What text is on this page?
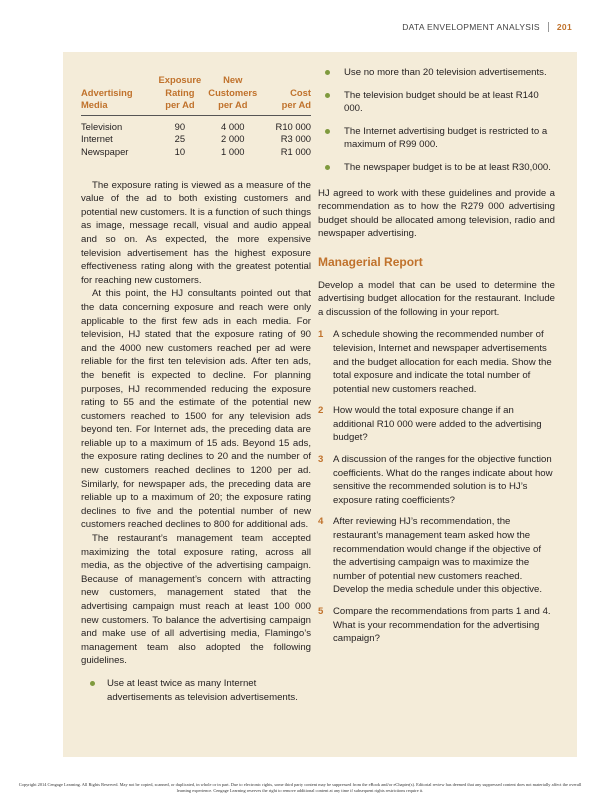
DATA ENVELOPMENT ANALYSIS 201
	Exposure	New	
Advertising	Rating	Customers	Cost
Media	per Ad	per Ad	per Ad
Television	90	4 000	R10 000
Internet	25	2 000	R3 000
Newspaper	10	1 000	R1 000

The exposure rating is viewed as a measure of the value of the ad to both existing customers and potential new customers. It is a function of such things as image, message recall, visual and audio appeal and so on. As expected, the more expensive television advertisement has the highest exposure effectiveness rating along with the greatest potential for reaching new customers.

At this point, the HJ consultants pointed out that the data concerning exposure and reach were only applicable to the first few ads in each media. For television, HJ stated that the exposure rating of 90 and the 4000 new customers reached per ad were reliable for the first ten television ads. After ten ads, the benefit is expected to decline. For planning purposes, HJ recommended reducing the exposure rating to 55 and the estimate of the potential new customers reached to 1500 for any television ads beyond ten. For Internet ads, the preceding data are reliable up to a maximum of 15 ads. Beyond 15 ads, the exposure rating declines to 20 and the number of new customers reached declines to 1200 per ad. Similarly, for newspaper ads, the preceding data are reliable up to a maximum of 20; the exposure rating declines to five and the potential number of new customers reached declines to 800 for additional ads.

The restaurant’s management team accepted maximizing the total exposure rating, across all media, as the objective of the advertising campaign. Because of management’s concern with attracting new customers, management stated that the advertising campaign must reach at least 100 000 new customers. To balance the advertising campaign and make use of all advertising media, Flamingo’s management team also adopted the following guidelines.

Use at least twice as many Internet advertisements as television advertisements.
Use no more than 20 television advertisements.
The television budget should be at least R140 000.
The Internet advertising budget is restricted to a maximum of R99 000.
The newspaper budget is to be at least R30,000.

HJ agreed to work with these guidelines and provide a recommendation as to how the R279 000 advertising budget should be allocated among television, radio and newspaper advertising.

Managerial Report

Develop a model that can be used to determine the advertising budget allocation for the restaurant. Include a discussion of the following in your report.

1 A schedule showing the recommended number of television, Internet and newspaper advertisements and the budget allocation for each media. Show the total exposure and indicate the total number of potential new customers reached.
2 How would the total exposure change if an additional R10 000 were added to the advertising budget?
3 A discussion of the ranges for the objective function coefficients. What do the ranges indicate about how sensitive the recommended solution is to HJ’s exposure rating coefficients?
4 After reviewing HJ’s recommendation, the restaurant’s management team asked how the recommendation would change if the objective of the advertising campaign was to maximize the number of potential new customers reached. Develop the media schedule under this objective.
5 Compare the recommendations from parts 1 and 4. What is your recommendation for the advertising campaign?
Copyright 2014 Cengage Learning. All Rights Reserved. May not be copied, scanned, or duplicated, in whole or in part. Due to electronic rights, some third party content may be suppressed from the eBook and/or eChapter(s). Editorial review has deemed that any suppressed content does not materially affect the overall learning experience. Cengage Learning reserves the right to remove additional content at any time if subsequent rights restrictions require it.
